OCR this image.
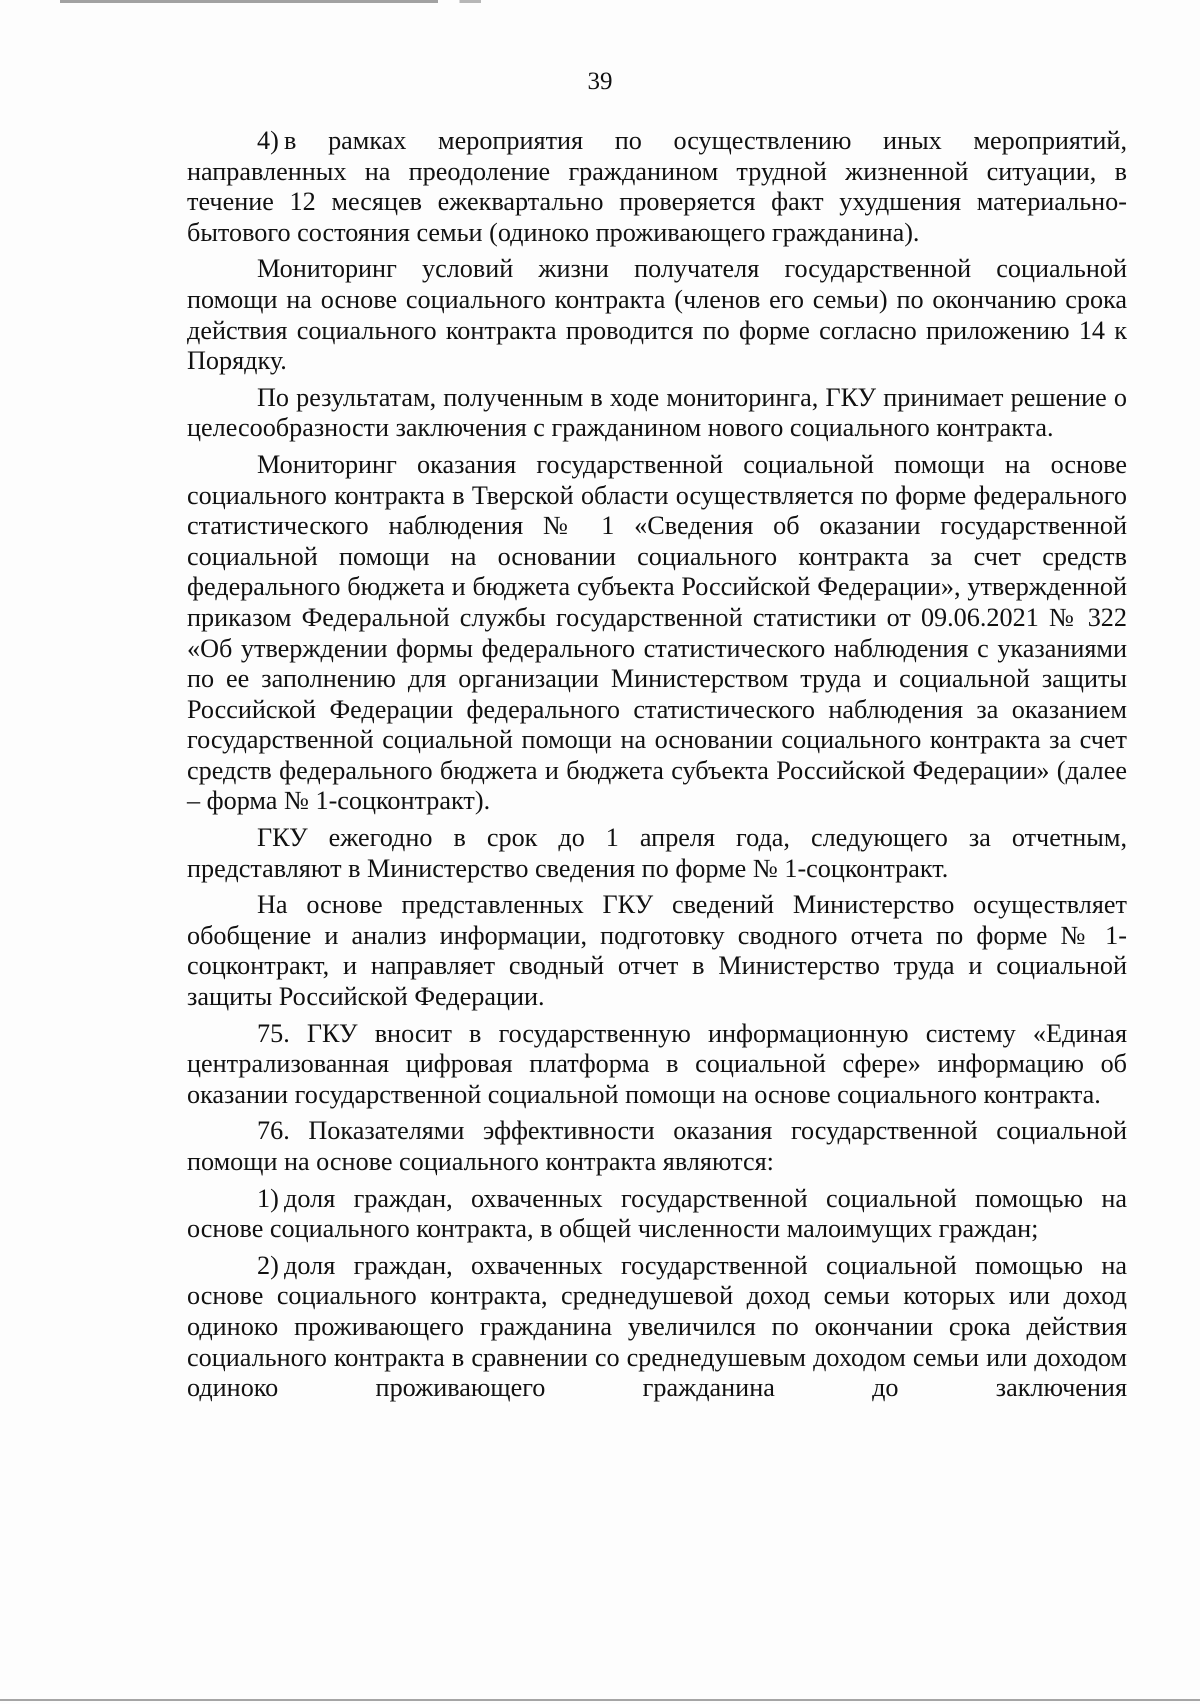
39

4) в рамках мероприятия по осуществлению иных мероприятий, направленных на преодоление гражданином трудной жизненной ситуации, в течение 12 месяцев ежеквартально проверяется факт ухудшения материально-бытового состояния семьи (одиноко проживающего гражданина).

Мониторинг условий жизни получателя государственной социальной помощи на основе социального контракта (членов его семьи) по окончанию срока действия социального контракта проводится по форме согласно приложению 14 к Порядку.

По результатам, полученным в ходе мониторинга, ГКУ принимает решение о целесообразности заключения с гражданином нового социального контракта.

Мониторинг оказания государственной социальной помощи на основе социального контракта в Тверской области осуществляется по форме федерального статистического наблюдения № 1 «Сведения об оказании государственной социальной помощи на основании социального контракта за счет средств федерального бюджета и бюджета субъекта Российской Федерации», утвержденной приказом Федеральной службы государственной статистики от 09.06.2021 № 322 «Об утверждении формы федерального статистического наблюдения с указаниями по ее заполнению для организации Министерством труда и социальной защиты Российской Федерации федерального статистического наблюдения за оказанием государственной социальной помощи на основании социального контракта за счет средств федерального бюджета и бюджета субъекта Российской Федерации» (далее – форма № 1-соцконтракт).

ГКУ ежегодно в срок до 1 апреля года, следующего за отчетным, представляют в Министерство сведения по форме № 1-соцконтракт.

На основе представленных ГКУ сведений Министерство осуществляет обобщение и анализ информации, подготовку сводного отчета по форме № 1-соцконтракт, и направляет сводный отчет в Министерство труда и социальной защиты Российской Федерации.

75. ГКУ вносит в государственную информационную систему «Единая централизованная цифровая платформа в социальной сфере» информацию об оказании государственной социальной помощи на основе социального контракта.

76. Показателями эффективности оказания государственной социальной помощи на основе социального контракта являются:

1) доля граждан, охваченных государственной социальной помощью на основе социального контракта, в общей численности малоимущих граждан;

2) доля граждан, охваченных государственной социальной помощью на основе социального контракта, среднедушевой доход семьи которых или доход одиноко проживающего гражданина увеличился по окончании срока действия социального контракта в сравнении со среднедушевым доходом семьи или доходом одиноко проживающего гражданина до заключения
